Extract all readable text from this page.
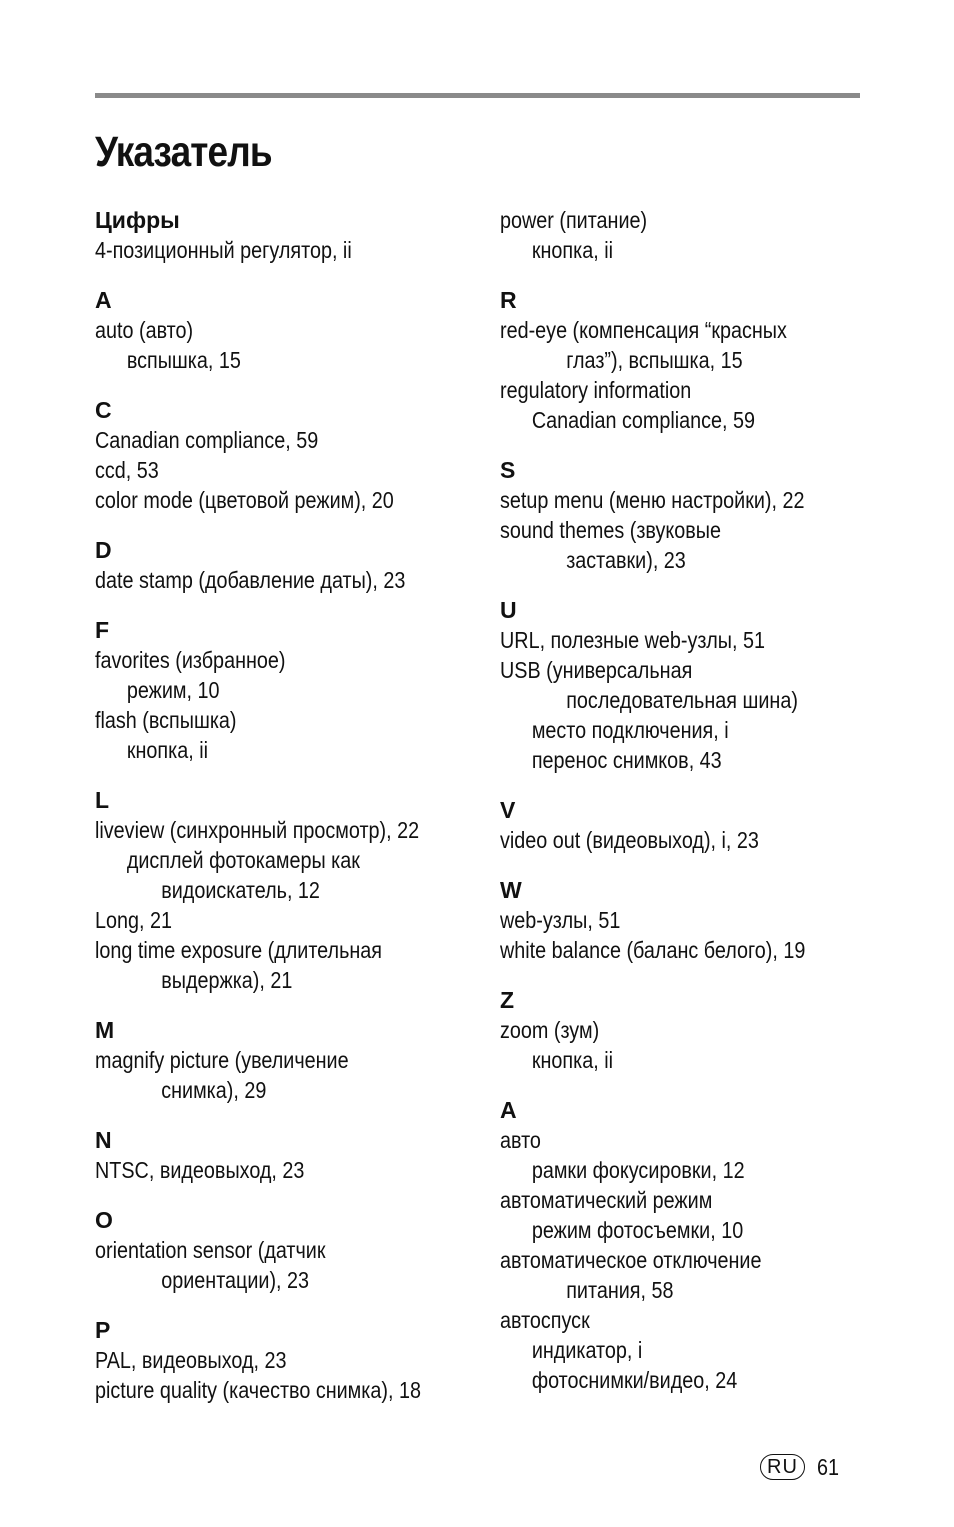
Указатель
Цифры
4-позиционный регулятор, ii
A
auto (авто)
вспышка, 15
C
Canadian compliance, 59
ccd, 53
color mode (цветовой режим), 20
D
date stamp (добавление даты), 23
F
favorites (избранное)
режим, 10
flash (вспышка)
кнопка, ii
L
liveview (синхронный просмотр), 22
дисплей фотокамеры как
видоискатель, 12
Long, 21
long time exposure (длительная
выдержка), 21
M
magnify picture (увеличение
снимка), 29
N
NTSC, видеовыход, 23
O
orientation sensor (датчик
ориентации), 23
P
PAL, видеовыход, 23
picture quality (качество снимка), 18
power (питание)
кнопка, ii
R
red-eye (компенсация “красных
глаз”), вспышка, 15
regulatory information
Canadian compliance, 59
S
setup menu (меню настройки), 22
sound themes (звуковые
заставки), 23
U
URL, полезные web-узлы, 51
USB (универсальная
последовательная шина)
место подключения, i
перенос снимков, 43
V
video out (видеовыход), i, 23
W
web-узлы, 51
white balance (баланс белого), 19
Z
zoom (зум)
кнопка, ii
А
авто
рамки фокусировки, 12
автоматический режим
режим фотосъемки, 10
автоматическое отключение
питания, 58
автоспуск
индикатор, i
фотоснимки/видео, 24
RU 61
